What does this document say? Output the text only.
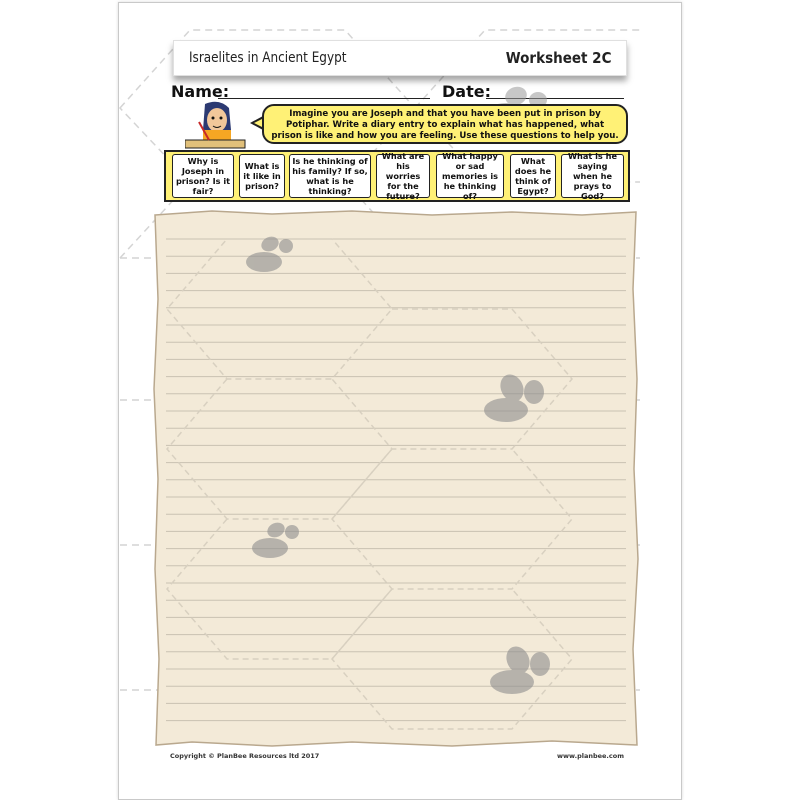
Israelites in Ancient Egypt	Worksheet 2C
Name:	Date:
Imagine you are Joseph and that you have been put in prison by Potiphar. Write a diary entry to explain what has happened, what prison is like and how you are feeling. Use these questions to help you.
Why is Joseph in prison? Is it fair?
What is it like in prison?
Is he thinking of his family? If so, what is he thinking?
What are his worries for the future?
What happy or sad memories is he thinking of?
What does he think of Egypt?
What is he saying when he prays to God?
Copyright © PlanBee Resources ltd 2017	www.planbee.com
